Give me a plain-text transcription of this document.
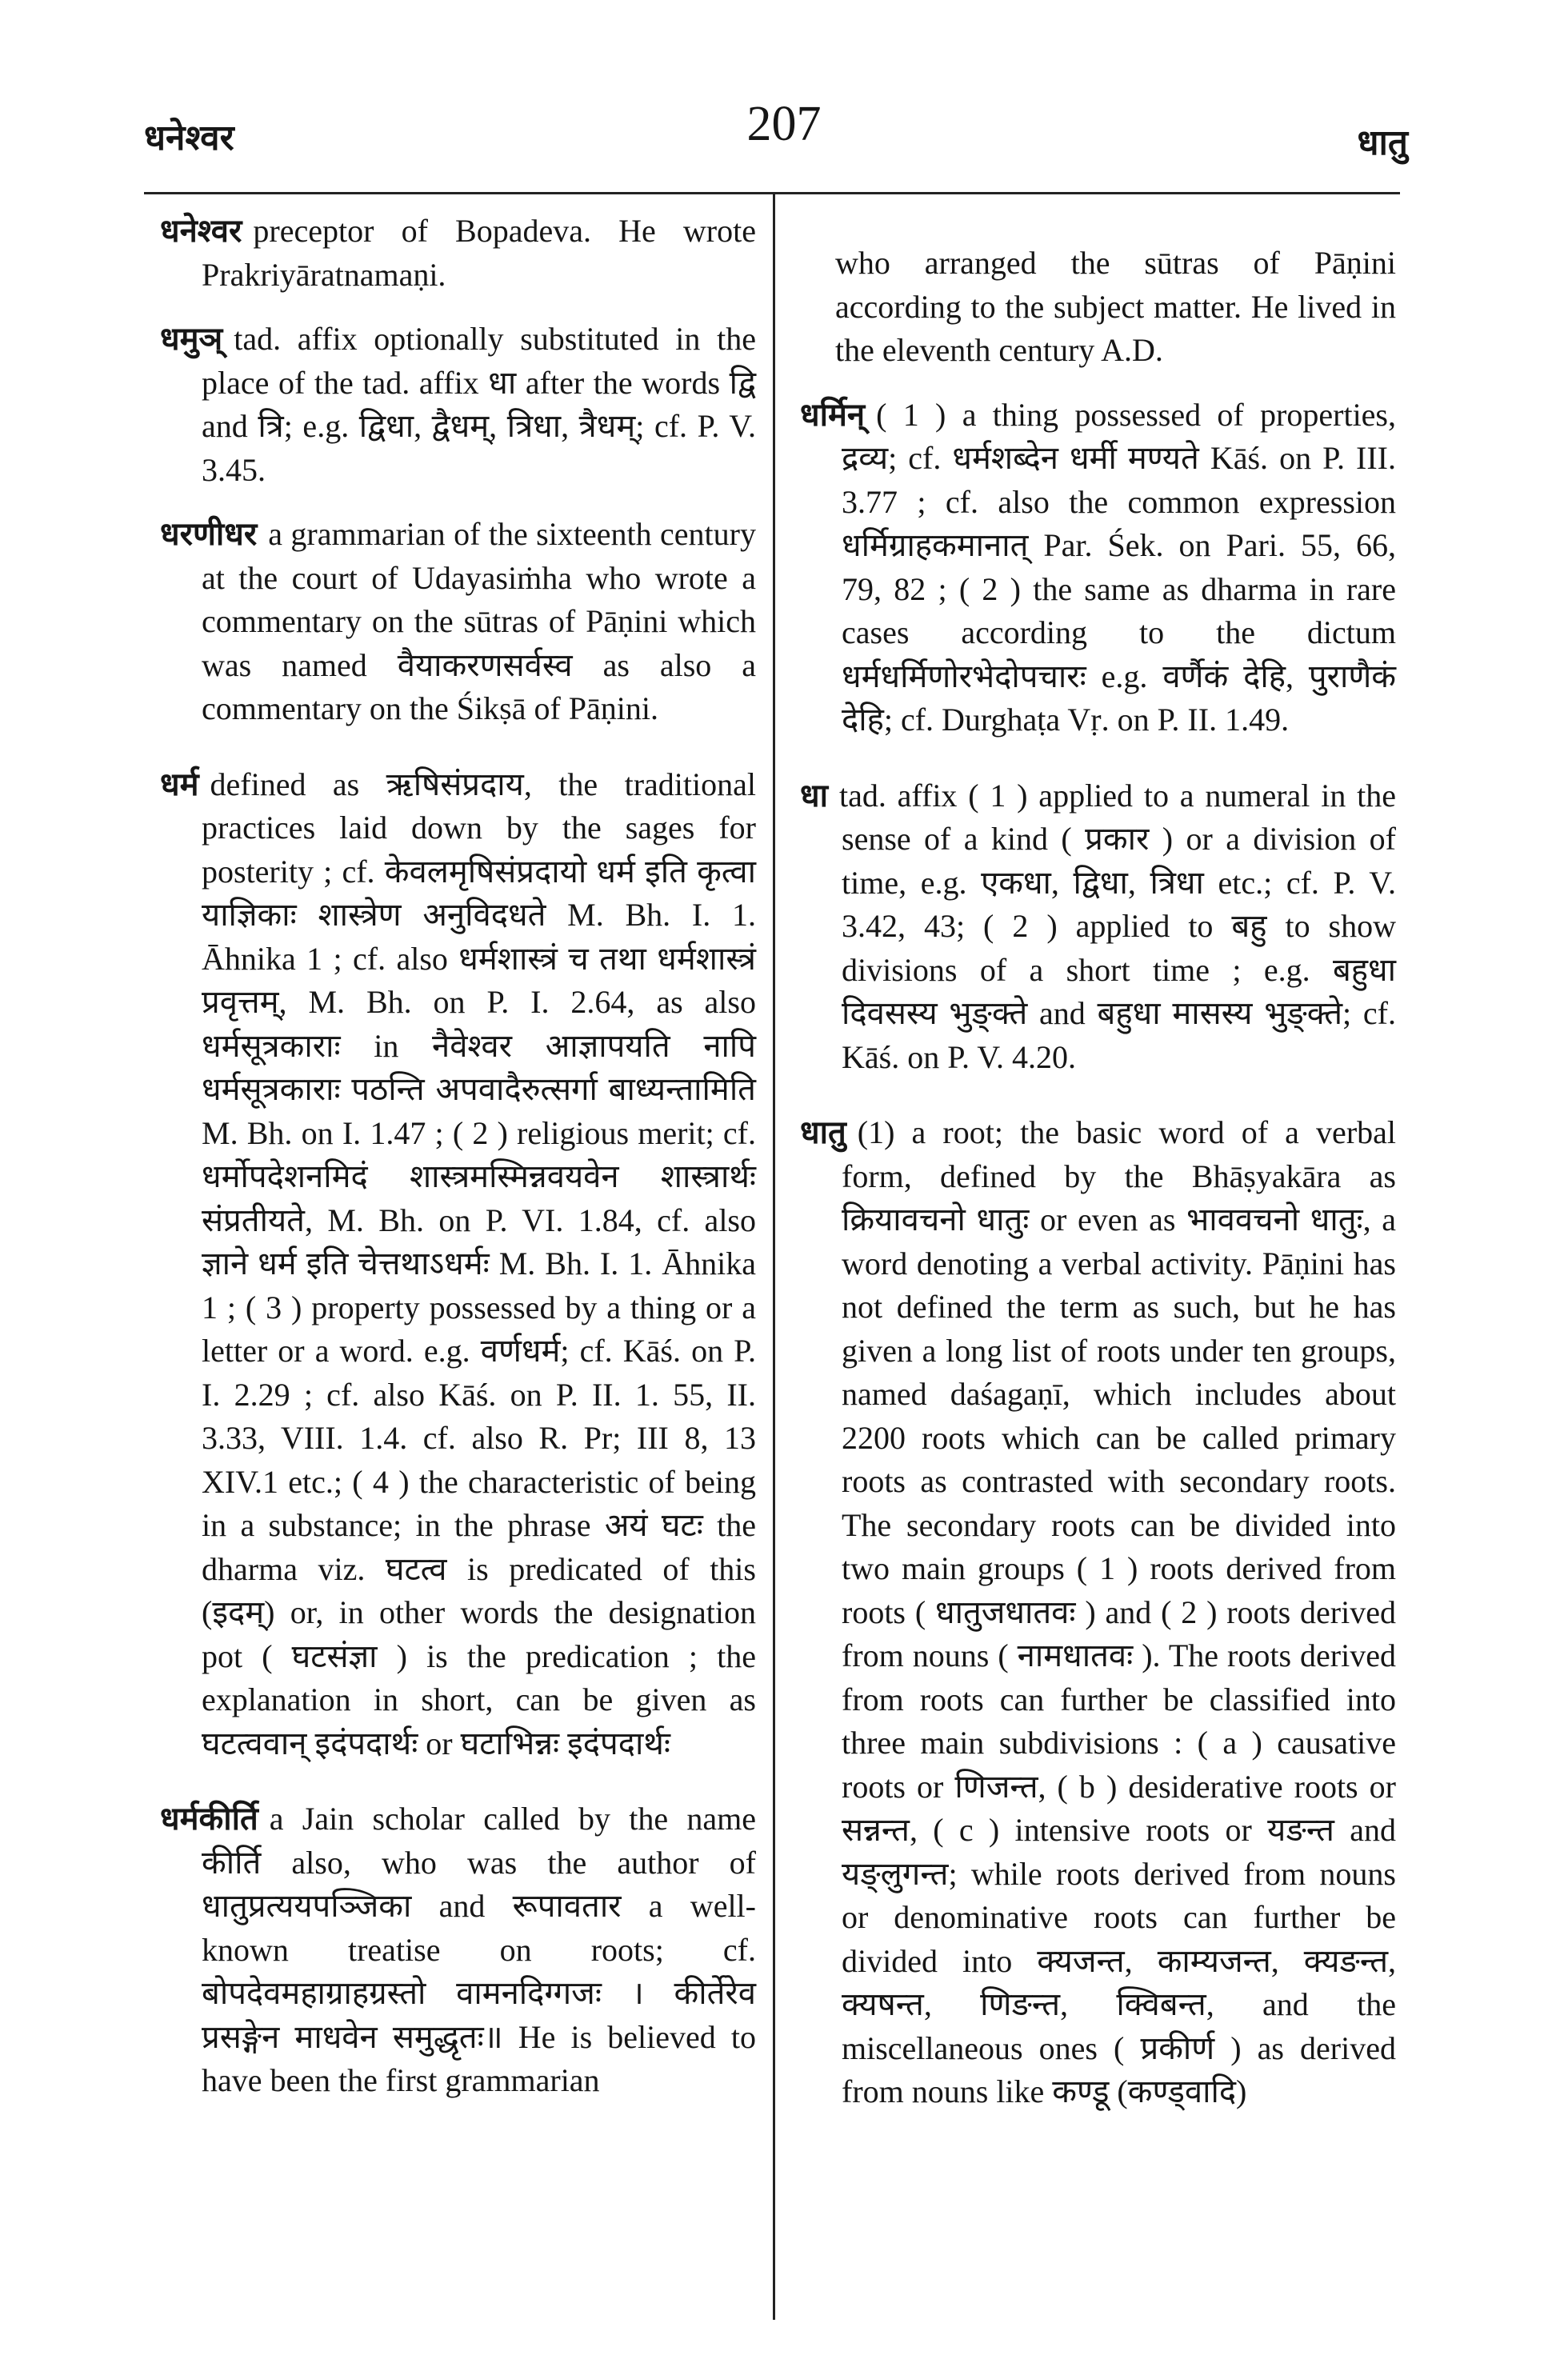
धनेश्वर	207	धातु

धनेश्वर preceptor of Bopadeva. He wrote Prakriyāratnamaṇi.

धमुञ् tad. affix optionally substituted in the place of the tad. affix धा after the words द्वि and त्रि; e.g. द्विधा, द्वैधम्, त्रिधा, त्रैधम्; cf. P. V. 3.45.

धरणीधर a grammarian of the sixteenth century at the court of Udayasiṁha who wrote a commentary on the sūtras of Pāṇini which was named वैयाकरणसर्वस्व as also a commentary on the Śikṣā of Pāṇini.

धर्म defined as ऋषिसंप्रदाय, the traditional practices laid down by the sages for posterity ; cf. केवलमृषिसंप्रदायो धर्म इति कृत्वा याज्ञिकाः शास्त्रेण अनुविदधते M. Bh. I. 1. Āhnika 1 ; cf. also धर्मशास्त्रं च तथा धर्मशास्त्रं प्रवृत्तम्, M. Bh. on P. I. 2.64, as also धर्मसूत्रकाराः in नैवेश्वर आज्ञापयति नापि धर्मसूत्रकाराः पठन्ति अपवादैरुत्सर्गा बाध्यन्तामिति M. Bh. on I. 1.47 ; ( 2 ) religious merit; cf. धर्मोपदेशनमिदं शास्त्रमस्मिन्नवयवेन शास्त्रार्थः संप्रतीयते, M. Bh. on P. VI. 1.84, cf. also ज्ञाने धर्म इति चेत्तथाऽधर्मः M. Bh. I. 1. Āhnika 1 ; ( 3 ) property possessed by a thing or a letter or a word. e.g. वर्णधर्म; cf. Kāś. on P. I. 2.29 ; cf. also Kāś. on P. II. 1. 55, II. 3.33, VIII. 1.4. cf. also R. Pr; III 8, 13 XIV.1 etc.; ( 4 ) the characteristic of being in a substance; in the phrase अयं घटः the dharma viz. घटत्व is predicated of this (इदम्) or, in other words the designation pot ( घटसंज्ञा ) is the predication ; the explanation in short, can be given as घटत्ववान् इदंपदार्थः or घटाभिन्नः इदंपदार्थः

धर्मकीर्ति a Jain scholar called by the name कीर्ति also, who was the author of धातुप्रत्ययपञ्जिका and रूपावतार a well-known treatise on roots; cf. बोपदेवमहाग्राहग्रस्तो वामनदिग्गजः । कीर्तेरेव प्रसङ्गेन माधवेन समुद्धृतः॥ He is believed to have been the first grammarian

who arranged the sūtras of Pāṇini according to the subject matter. He lived in the eleventh century A.D.

धर्मिन् ( 1 ) a thing possessed of properties, द्रव्य; cf. धर्मशब्देन धर्मी मण्यते Kāś. on P. III. 3.77 ; cf. also the common expression धर्मिग्राहकमानात् Par. Śek. on Pari. 55, 66, 79, 82 ; ( 2 ) the same as dharma in rare cases according to the dictum धर्मधर्मिणोरभेदोपचारः e.g. वर्णैकं देहि, पुराणैकं देहि; cf. Durghaṭa Vṛ. on P. II. 1.49.

धा tad. affix ( 1 ) applied to a numeral in the sense of a kind ( प्रकार ) or a division of time, e.g. एकधा, द्विधा, त्रिधा etc.; cf. P. V. 3.42, 43; ( 2 ) applied to बहु to show divisions of a short time ; e.g. बहुधा दिवसस्य भुङ्क्ते and बहुधा मासस्य भुङ्क्ते; cf. Kāś. on P. V. 4.20.

धातु (1) a root; the basic word of a verbal form, defined by the Bhāṣyakāra as क्रियावचनो धातुः or even as भाववचनो धातुः, a word denoting a verbal activity. Pāṇini has not defined the term as such, but he has given a long list of roots under ten groups, named daśagaṇī, which includes about 2200 roots which can be called primary roots as contrasted with secondary roots. The secondary roots can be divided into two main groups ( 1 ) roots derived from roots ( धातुजधातवः ) and ( 2 ) roots derived from nouns ( नामधातवः ). The roots derived from roots can further be classified into three main subdivisions : ( a ) causative roots or णिजन्त, ( b ) desiderative roots or सन्नन्त, ( c ) intensive roots or यङन्त and यङ्लुगन्त; while roots derived from nouns or denominative roots can further be divided into क्यजन्त, काम्यजन्त, क्यङन्त, क्यषन्त, णिङन्त, क्विबन्त, and the miscellaneous ones ( प्रकीर्ण ) as derived from nouns like कण्डू (कण्ड्वादि)
